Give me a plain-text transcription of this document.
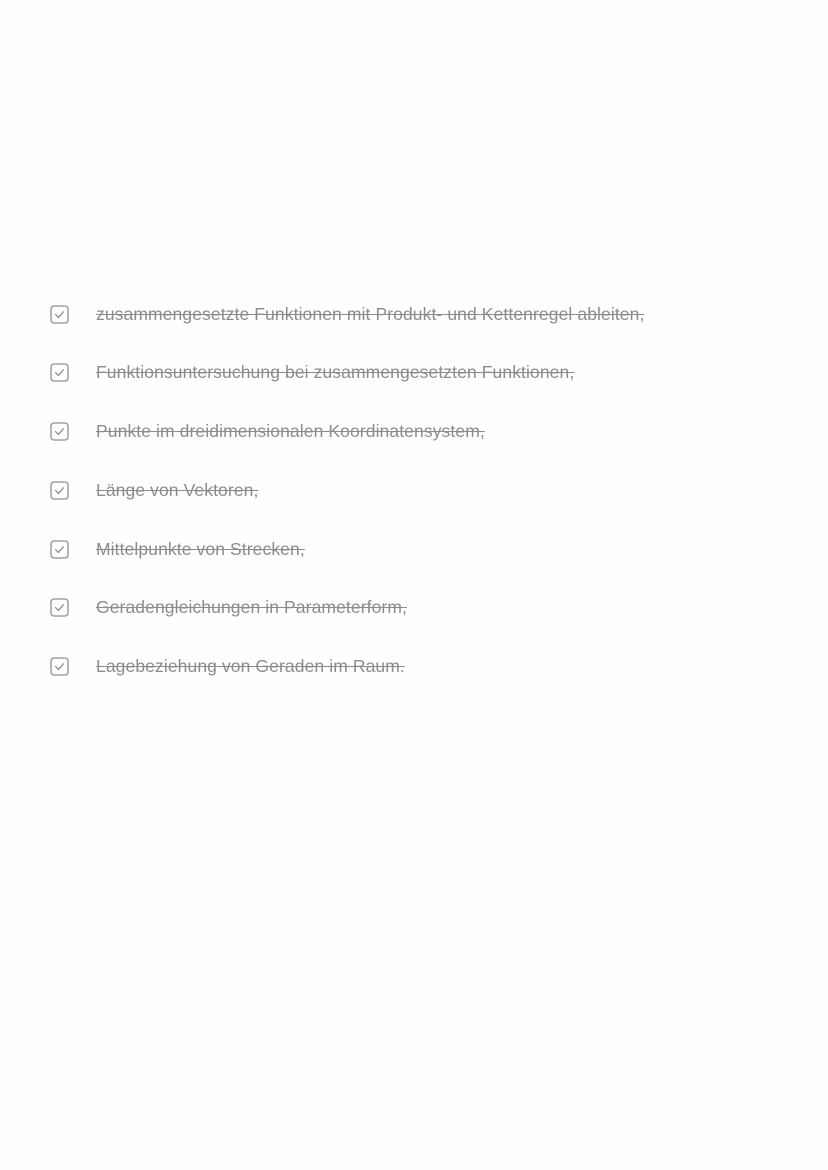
zusammengesetzte Funktionen mit Produkt- und Kettenregel ableiten,
Funktionsuntersuchung bei zusammengesetzten Funktionen,
Punkte im dreidimensionalen Koordinatensystem,
Länge von Vektoren,
Mittelpunkte von Strecken,
Geradengleichungen in Parameterform,
Lagebeziehung von Geraden im Raum.
